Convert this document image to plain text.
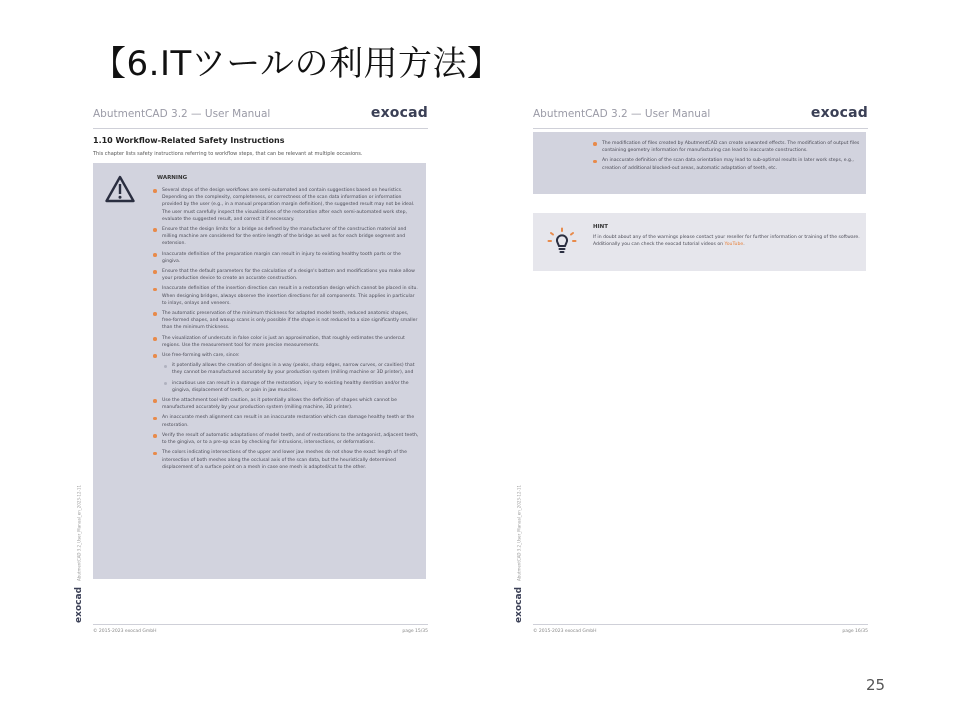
【6.ITツールの利用方法】
AbutmentCAD 3.2 — User Manual	exocad
1.10 Workflow-Related Safety Instructions
This chapter lists safety instructions referring to workflow steps, that can be relevant at multiple occasions.
WARNING
Several steps of the design workflows are semi-automated and contain suggestions based on heuristics. Depending on the complexity, completeness, or correctness of the scan data information or information provided by the user (e.g., in a manual preparation margin definition), the suggested result may not be ideal. The user must carefully inspect the visualizations of the restoration after each semi-automated work step, evaluate the suggested result, and correct it if necessary.
Ensure that the design limits for a bridge as defined by the manufacturer of the construction material and milling machine are considered for the entire length of the bridge as well as for each bridge segment and extension.
Inaccurate definition of the preparation margin can result in injury to existing healthy tooth parts or the gingiva.
Ensure that the default parameters for the calculation of a design's bottom and modifications you make allow your production device to create an accurate construction.
Inaccurate definition of the insertion direction can result in a restoration design which cannot be placed in situ. When designing bridges, always observe the insertion directions for all components. This applies in particular to inlays, onlays and veneers.
The automatic preservation of the minimum thickness for adapted model teeth, reduced anatomic shapes, free-formed shapes, and waxup scans is only possible if the shape is not reduced to a size significantly smaller than the minimum thickness.
The visualization of undercuts in false color is just an approximation, that roughly estimates the undercut regions. Use the measurement tool for more precise measurements.
Use free-forming with care, since:
it potentially allows the creation of designs in a way (peaks, sharp edges, narrow curves, or cavities) that they cannot be manufactured accurately by your production system (milling machine or 3D printer), and
incautious use can result in a damage of the restoration, injury to existing healthy dentition and/or the gingiva, displacement of teeth, or pain in jaw muscles.
Use the attachment tool with caution, as it potentially allows the definition of shapes which cannot be manufactured accurately by your production system (milling machine, 3D printer).
An inaccurate mesh alignment can result in an inaccurate restoration which can damage healthy teeth or the restoration.
Verify the result of automatic adaptations of model teeth, and of restorations to the antagonist, adjacent teeth, to the gingiva, or to a pre-op scan by checking for intrusions, intersections, or deformations.
The colors indicating intersections of the upper and lower jaw meshes do not show the exact length of the intersection of both meshes along the occlusal axis of the scan data, but the heuristically determined displacement of a surface point on a mesh in case one mesh is adapted/cut to the other.
exocad
AbutmentCAD 3.2_User_Manual_en_2023-12-11
© 2015-2023 exocad GmbH	page 15/35
AbutmentCAD 3.2 — User Manual	exocad
The modification of files created by AbutmentCAD can create unwanted effects. The modification of output files containing geometry information for manufacturing can lead to inaccurate constructions.
An inaccurate definition of the scan data orientation may lead to sub-optimal results in later work steps, e.g., creation of additional blocked-out areas, automatic adaptation of teeth, etc.
HINT
If in doubt about any of the warnings please contact your reseller for further information or training of the software. Additionally you can check the exocad tutorial videos on YouTube.
exocad
AbutmentCAD 3.2_User_Manual_en_2023-12-11
© 2015-2023 exocad GmbH	page 16/35
25
